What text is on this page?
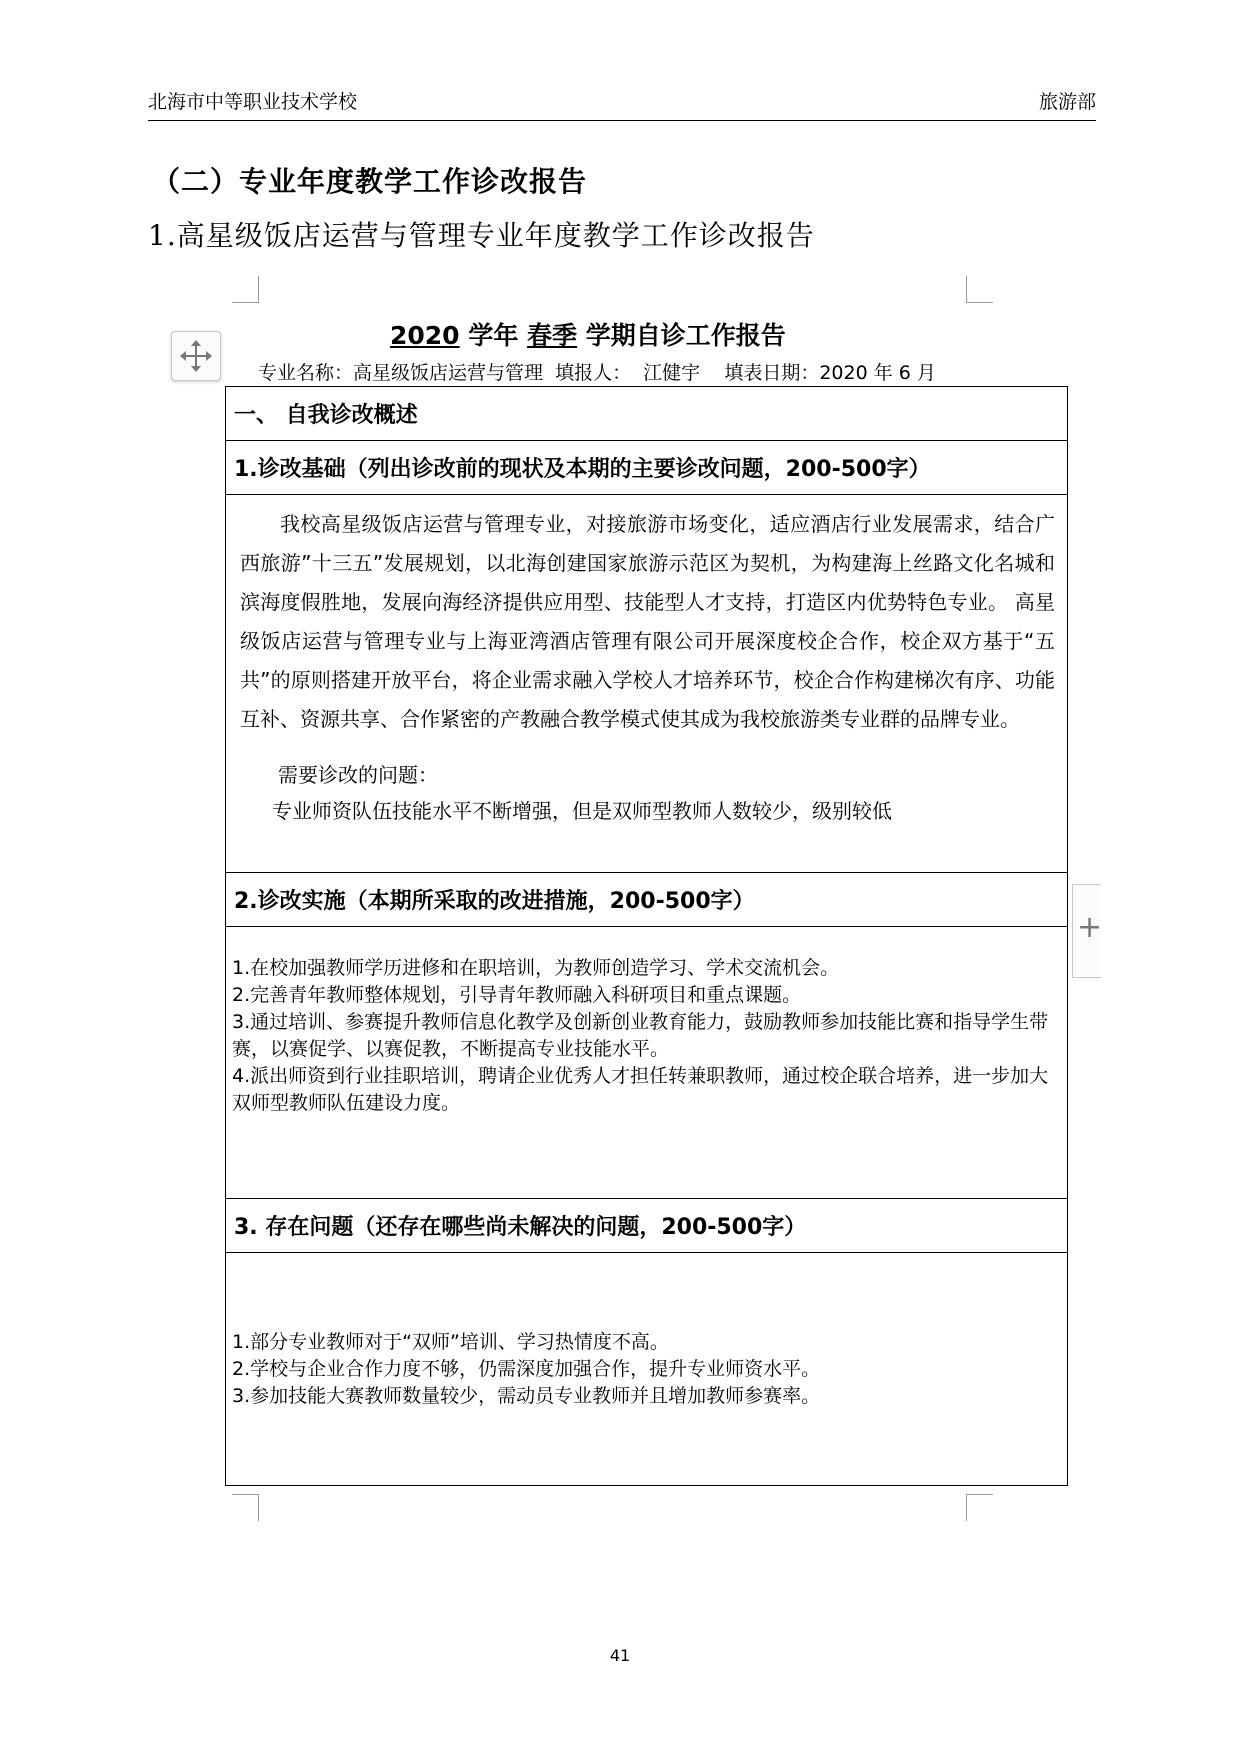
北海市中等职业技术学校	旅游部
（二）专业年度教学工作诊改报告
1.高星级饭店运营与管理专业年度教学工作诊改报告
+
2020 学年 春季 学期自诊工作报告
专业名称：高星级饭店运营与管理  填报人：  江健宇    填表日期：2020 年 6 月
一、 自我诊改概述
1.诊改基础（列出诊改前的现状及本期的主要诊改问题，200-500字）
我校高星级饭店运营与管理专业，对接旅游市场变化，适应酒店行业发展需求，结合广西旅游”十三五”发展规划，以北海创建国家旅游示范区为契机，为构建海上丝路文化名城和滨海度假胜地，发展向海经济提供应用型、技能型人才支持，打造区内优势特色专业。 高星级饭店运营与管理专业与上海亚湾酒店管理有限公司开展深度校企合作，校企双方基于“五共”的原则搭建开放平台，将企业需求融入学校人才培养环节，校企合作构建梯次有序、功能互补、资源共享、合作紧密的产教融合教学模式使其成为我校旅游类专业群的品牌专业。
需要诊改的问题：
专业师资队伍技能水平不断增强，但是双师型教师人数较少，级别较低
2.诊改实施（本期所采取的改进措施，200-500字）
1.在校加强教师学历进修和在职培训，为教师创造学习、学术交流机会。
2.完善青年教师整体规划，引导青年教师融入科研项目和重点课题。
3.通过培训、参赛提升教师信息化教学及创新创业教育能力，鼓励教师参加技能比赛和指导学生带赛，以赛促学、以赛促教，不断提高专业技能水平。
4.派出师资到行业挂职培训，聘请企业优秀人才担任转兼职教师，通过校企联合培养，进一步加大双师型教师队伍建设力度。
3. 存在问题（还存在哪些尚未解决的问题，200-500字）
1.部分专业教师对于“双师”培训、学习热情度不高。
2.学校与企业合作力度不够，仍需深度加强合作，提升专业师资水平。
3.参加技能大赛教师数量较少，需动员专业教师并且增加教师参赛率。
41
